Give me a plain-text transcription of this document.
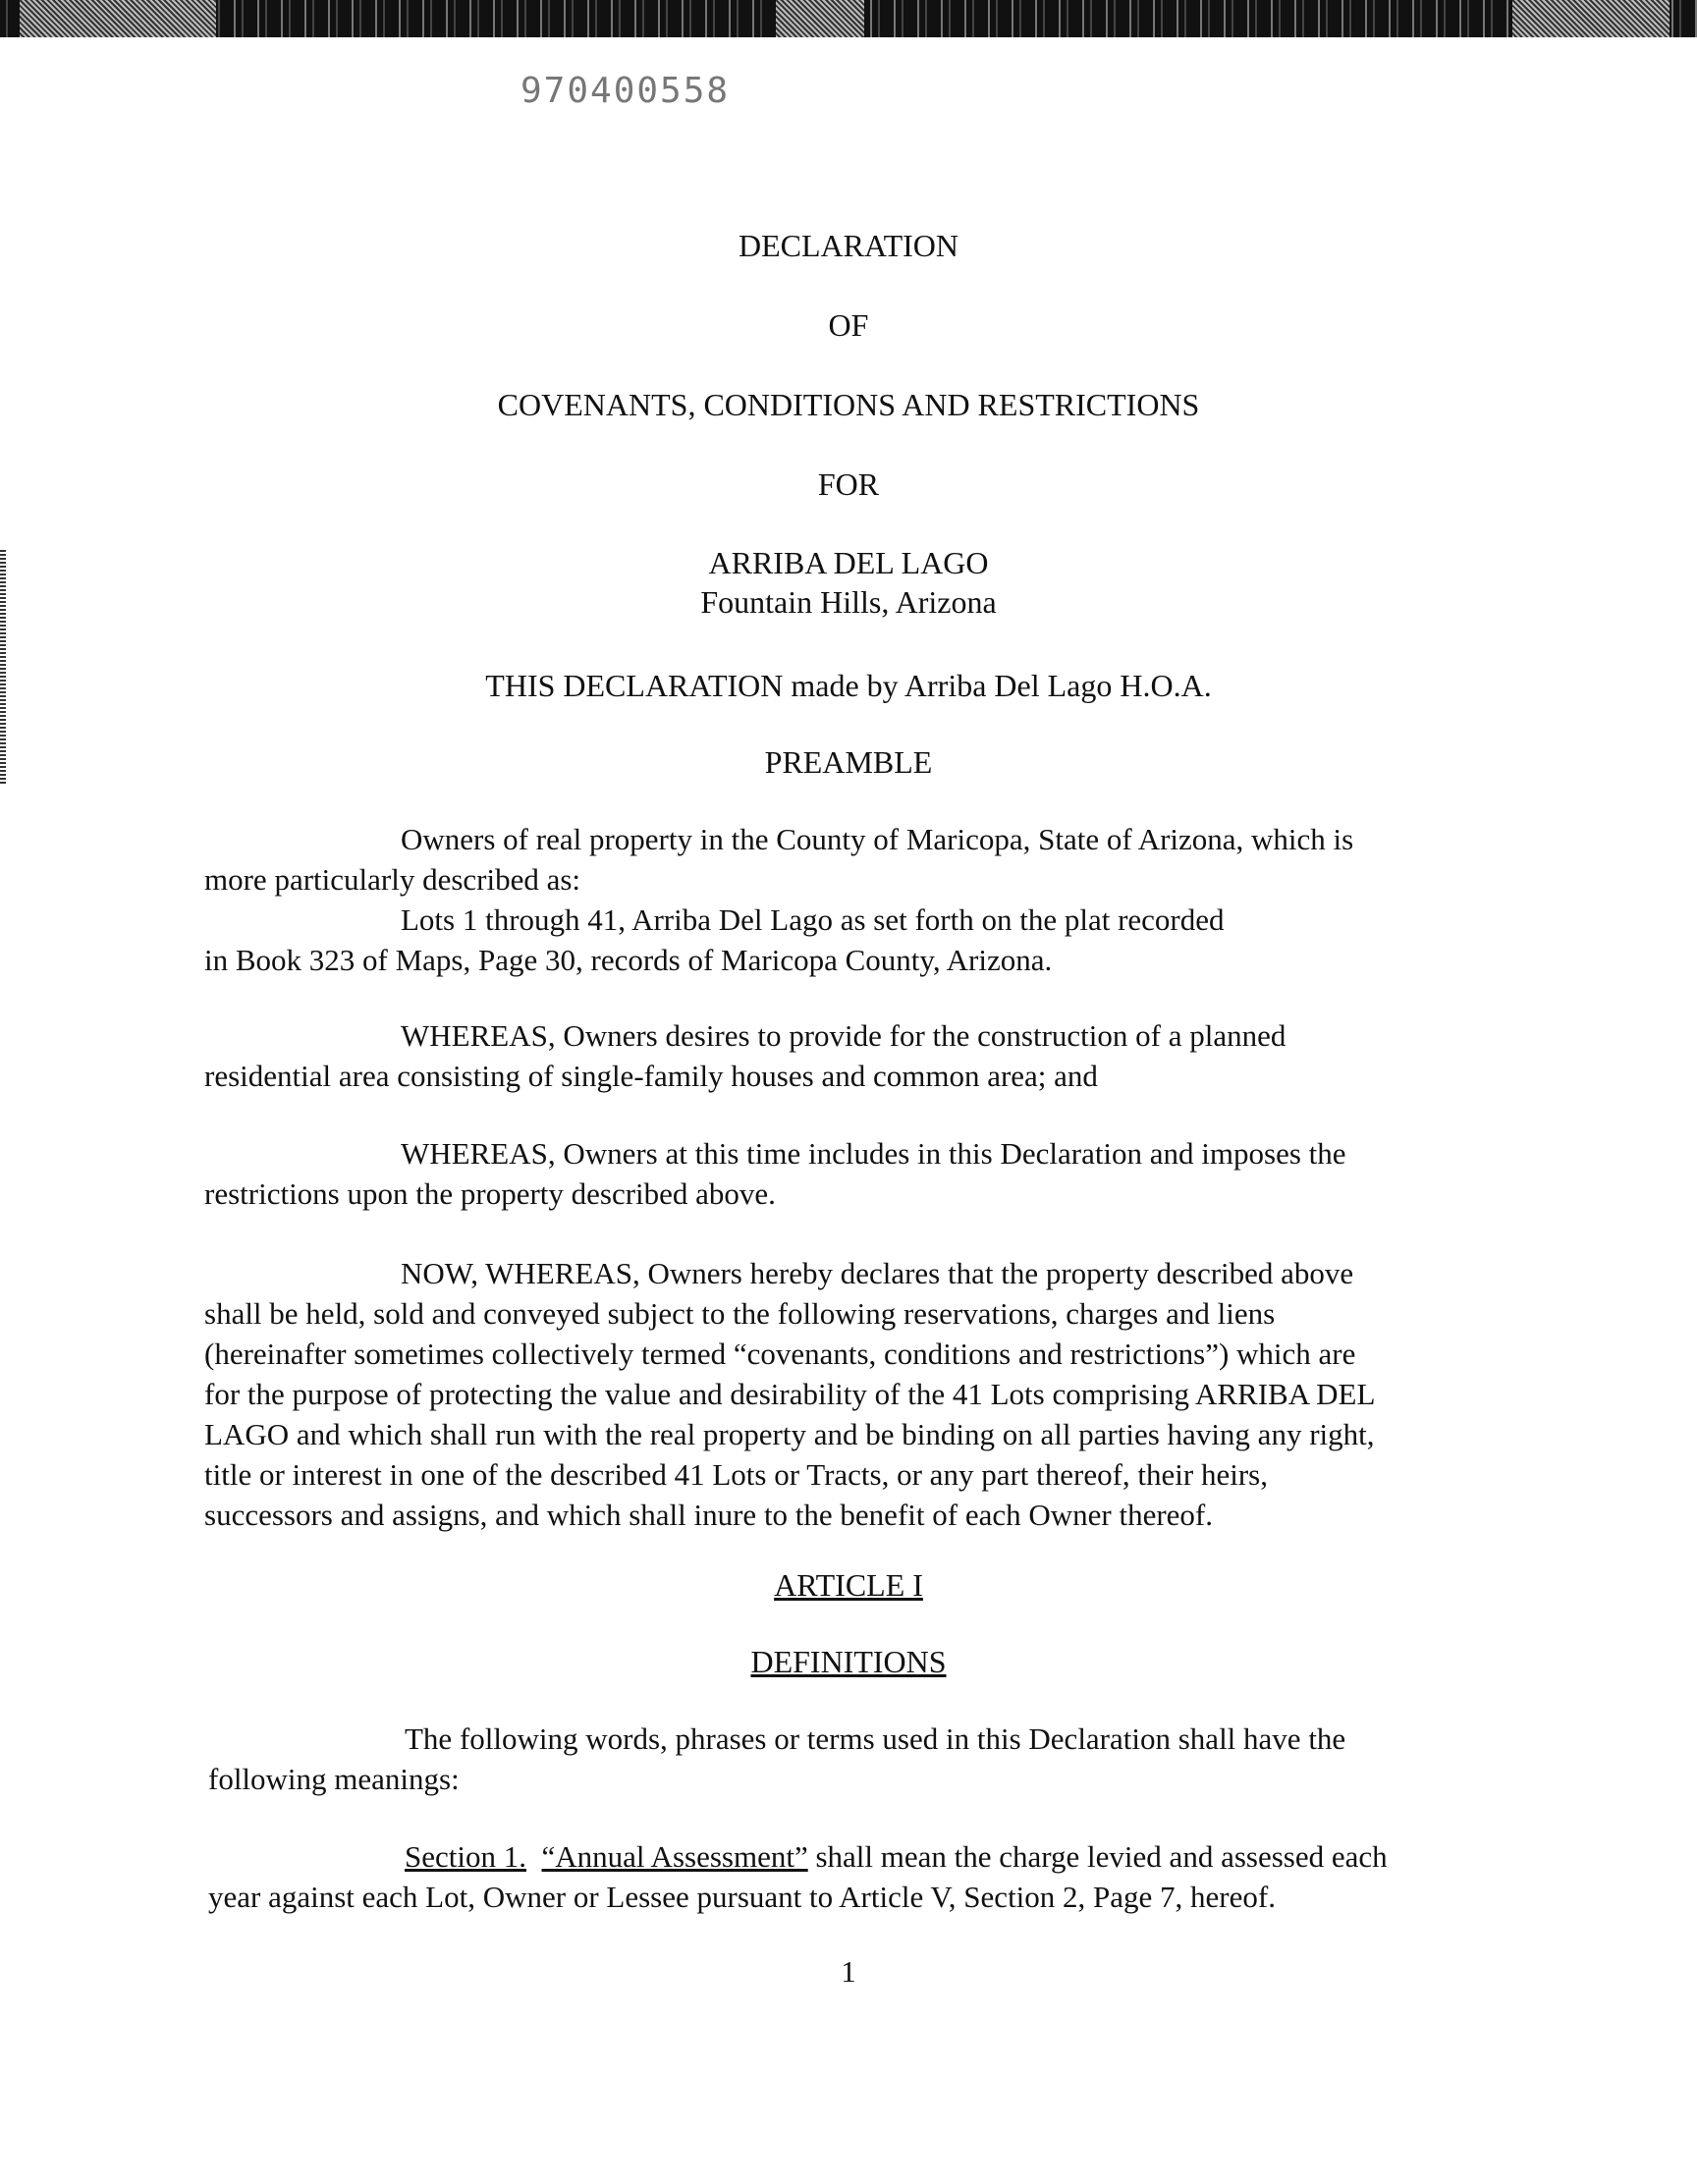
970400558
DECLARATION
OF
COVENANTS, CONDITIONS AND RESTRICTIONS
FOR
ARRIBA DEL LAGO
Fountain Hills, Arizona
THIS DECLARATION made by Arriba Del Lago H.O.A.
PREAMBLE
Owners of real property in the County of Maricopa, State of Arizona, which is
more particularly described as:
Lots 1 through 41, Arriba Del Lago as set forth on the plat recorded
in Book 323 of Maps, Page 30, records of Maricopa County, Arizona.
WHEREAS, Owners desires to provide for the construction of a planned
residential area consisting of single-family houses and common area; and
WHEREAS, Owners at this time includes in this Declaration and imposes the
restrictions upon the property described above.
NOW, WHEREAS, Owners hereby declares that the property described above
shall be held, sold and conveyed subject to the following reservations, charges and liens
(hereinafter sometimes collectively termed “covenants, conditions and restrictions”) which are
for the purpose of protecting the value and desirability of the 41 Lots comprising ARRIBA DEL
LAGO and which shall run with the real property and be binding on all parties having any right,
title or interest in one of the described 41 Lots or Tracts, or any part thereof, their heirs,
successors and assigns, and which shall inure to the benefit of each Owner thereof.
ARTICLE I
DEFINITIONS
The following words, phrases or terms used in this Declaration shall have the
following meanings:
Section 1. “Annual Assessment” shall mean the charge levied and assessed each
year against each Lot, Owner or Lessee pursuant to Article V, Section 2, Page 7, hereof.
1
